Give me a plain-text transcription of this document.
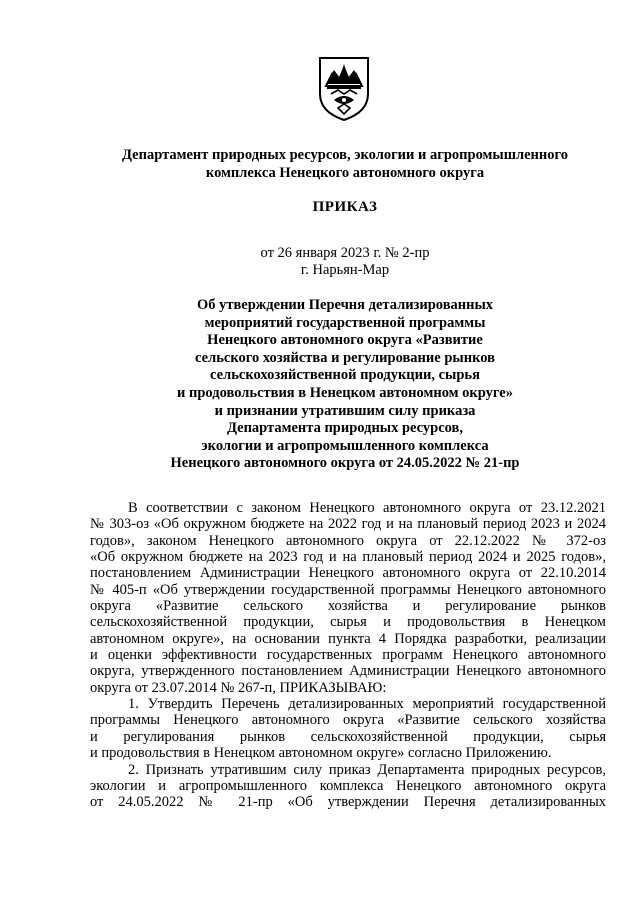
Департамент природных ресурсов, экологии и агропромышленного
комплекса Ненецкого автономного округа
ПРИКАЗ
от 26 января 2023 г. № 2-пр
г. Нарьян-Мар
Об утверждении Перечня детализированных
мероприятий государственной программы
Ненецкого автономного округа «Развитие
сельского хозяйства и регулирование рынков
сельскохозяйственной продукции, сырья
и продовольствия в Ненецком автономном округе»
и признании утратившим силу приказа
Департамента природных ресурсов,
экологии и агропромышленного комплекса
Ненецкого автономного округа от 24.05.2022 № 21-пр

В соответствии с законом Ненецкого автономного округа от 23.12.2021

№ 303-оз «Об окружном бюджете на 2022 год и на плановый период 2023 и 2024

годов», законом Ненецкого автономного округа от 22.12.2022 № 372-оз

«Об окружном бюджете на 2023 год и на плановый период 2024 и 2025 годов»,

постановлением Администрации Ненецкого автономного округа от 22.10.2014

№ 405-п «Об утверждении государственной программы Ненецкого автономного

округа «Развитие сельского хозяйства и регулирование рынков

сельскохозяйственной продукции, сырья и продовольствия в Ненецком

автономном округе», на основании пункта 4 Порядка разработки, реализации

и оценки эффективности государственных программ Ненецкого автономного

округа, утвержденного постановлением Администрации Ненецкого автономного

округа от 23.07.2014 № 267-п, ПРИКАЗЫВАЮ:

1. Утвердить Перечень детализированных мероприятий государственной

программы Ненецкого автономного округа «Развитие сельского хозяйства

и регулирования рынков сельскохозяйственной продукции, сырья

и продовольствия в Ненецком автономном округе» согласно Приложению.

2. Признать утратившим силу приказ Департамента природных ресурсов,

экологии и агропромышленного комплекса Ненецкого автономного округа

от 24.05.2022 № 21-пр «Об утверждении Перечня детализированных
